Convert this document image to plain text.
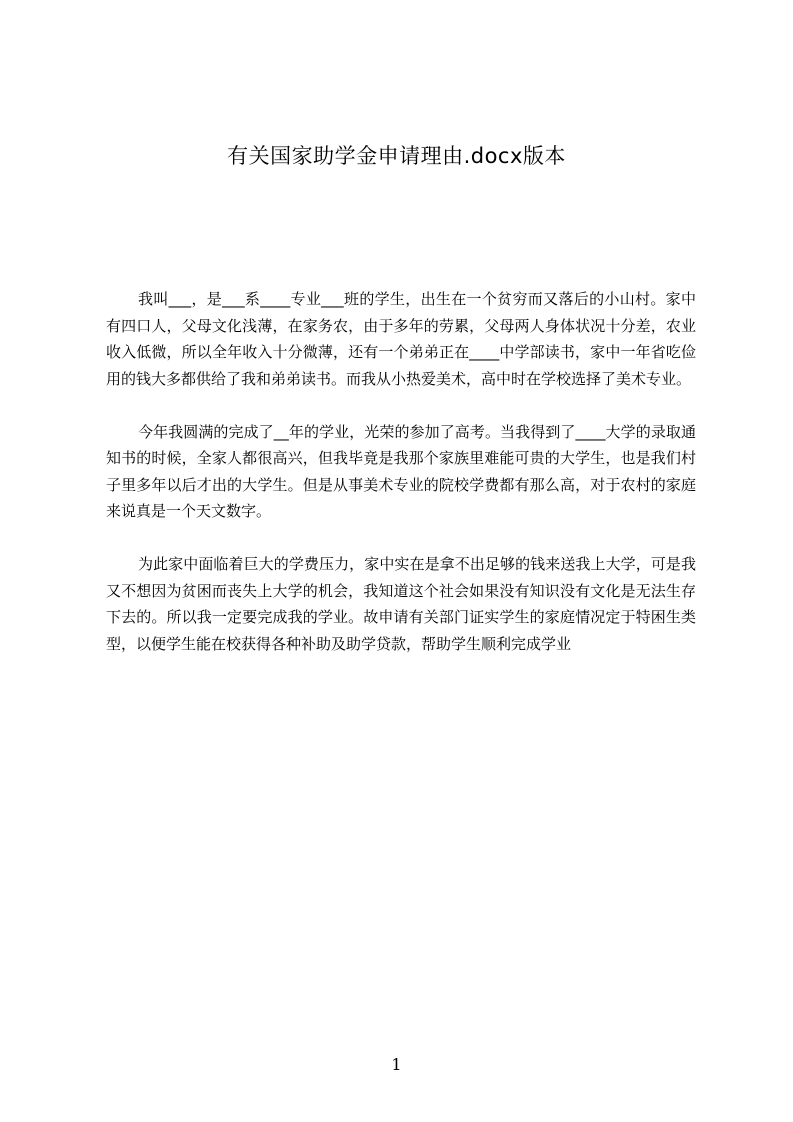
有关国家助学金申请理由.docx版本

我叫___，是___系____专业___班的学生，出生在一个贫穷而又落后的小山村。家中有四口人，父母文化浅薄，在家务农，由于多年的劳累，父母两人身体状况十分差，农业收入低微，所以全年收入十分微薄，还有一个弟弟正在____中学部读书，家中一年省吃俭用的钱大多都供给了我和弟弟读书。而我从小热爱美术，高中时在学校选择了美术专业。

今年我圆满的完成了__年的学业，光荣的参加了高考。当我得到了____大学的录取通知书的时候，全家人都很高兴，但我毕竟是我那个家族里难能可贵的大学生，也是我们村子里多年以后才出的大学生。但是从事美术专业的院校学费都有那么高，对于农村的家庭来说真是一个天文数字。

为此家中面临着巨大的学费压力，家中实在是拿不出足够的钱来送我上大学，可是我又不想因为贫困而丧失上大学的机会，我知道这个社会如果没有知识没有文化是无法生存下去的。所以我一定要完成我的学业。故申请有关部门证实学生的家庭情况定于特困生类型，以便学生能在校获得各种补助及助学贷款，帮助学生顺利完成学业

1
